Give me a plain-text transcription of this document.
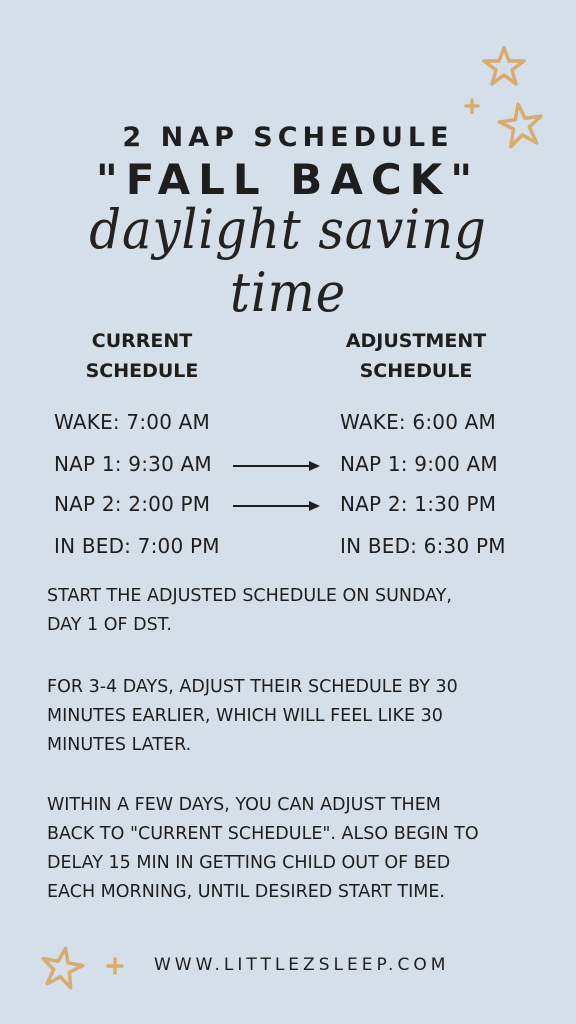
2 NAP SCHEDULE
"FALL BACK"
daylight saving time
CURRENT
SCHEDULE
ADJUSTMENT
SCHEDULE
WAKE: 7:00 AM	WAKE: 6:00 AM
NAP 1: 9:30 AM	NAP 1: 9:00 AM
NAP 2: 2:00 PM	NAP 2: 1:30 PM
IN BED: 7:00 PM	IN BED: 6:30 PM
START THE ADJUSTED SCHEDULE ON SUNDAY,
DAY 1 OF DST.
FOR 3-4 DAYS, ADJUST THEIR SCHEDULE BY 30
MINUTES EARLIER, WHICH WILL FEEL LIKE 30
MINUTES LATER.
WITHIN A FEW DAYS, YOU CAN ADJUST THEM
BACK TO "CURRENT SCHEDULE". ALSO BEGIN TO
DELAY 15 MIN IN GETTING CHILD OUT OF BED
EACH MORNING, UNTIL DESIRED START TIME.
WWW.LITTLEZSLEEP.COM
